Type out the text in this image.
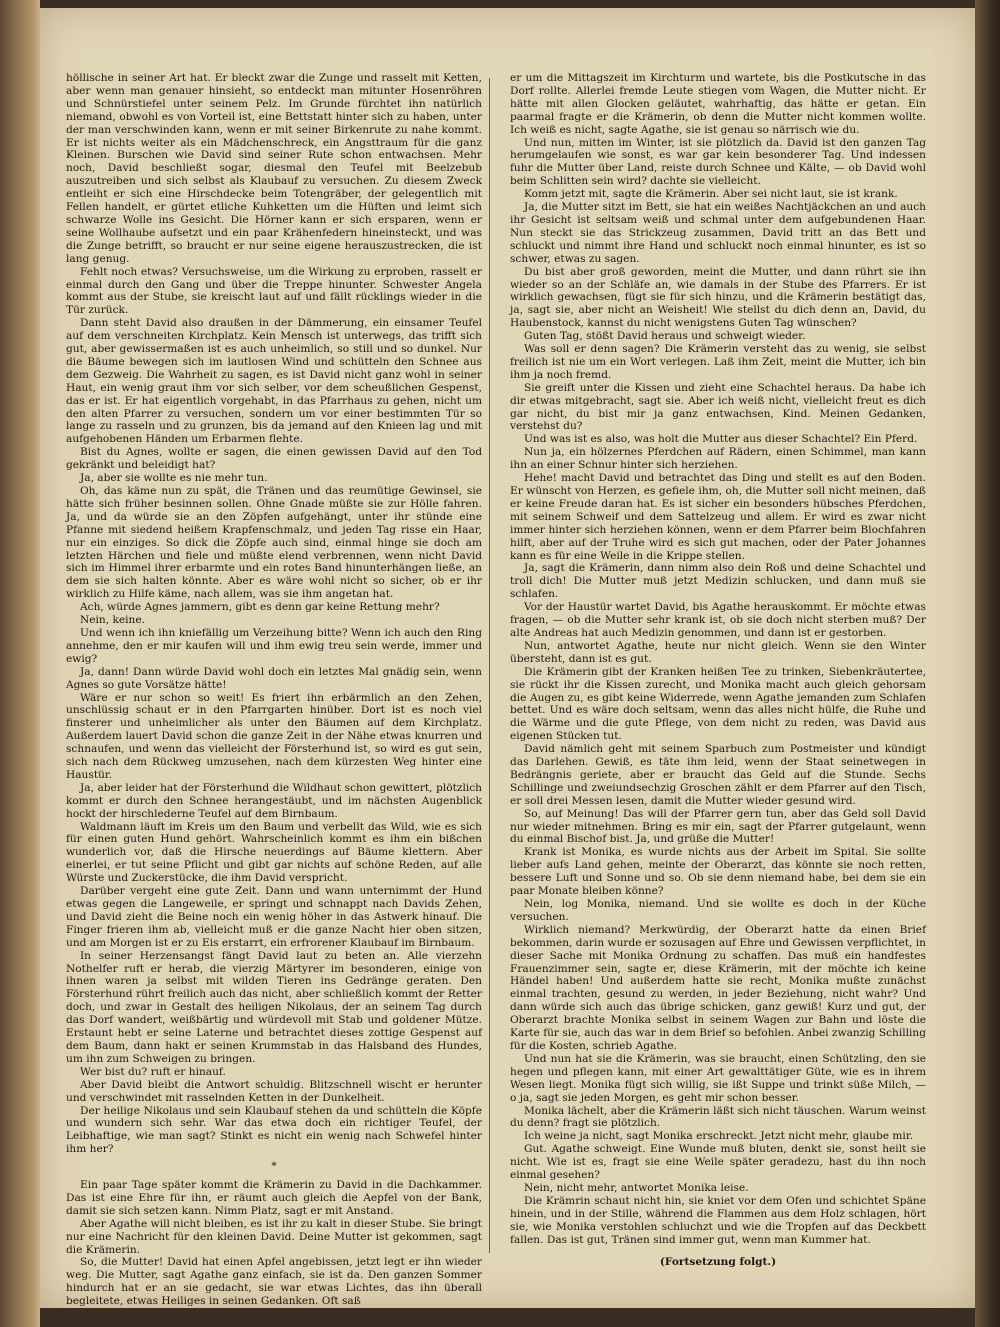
höllische in seiner Art hat. Er bleckt zwar die Zunge und rasselt mit Ketten, aber wenn man genauer hinsieht, so entdeckt man mitunter Hosenröhren und Schnürstiefel unter seinem Pelz. Im Grunde fürchtet ihn natürlich niemand, obwohl es von Vorteil ist, eine Bettstatt hinter sich zu haben, unter der man verschwinden kann, wenn er mit seiner Birkenrute zu nahe kommt. Er ist nichts weiter als ein Mädchenschreck, ein Angsttraum für die ganz Kleinen. Burschen wie David sind seiner Rute schon entwachsen. Mehr noch, David beschließt sogar, diesmal den Teufel mit Beelzebub auszutreiben und sich selbst als Klaubauf zu versuchen. Zu diesem Zweck entleiht er sich eine Hirschdecke beim Totengräber, der gelegentlich mit Fellen handelt, er gürtet etliche Kuhketten um die Hüften und leimt sich schwarze Wolle ins Gesicht. Die Hörner kann er sich ersparen, wenn er seine Wollhaube aufsetzt und ein paar Krähenfedern hineinsteckt, und was die Zunge betrifft, so braucht er nur seine eigene herauszustrecken, die ist lang genug.

Fehlt noch etwas? Versuchsweise, um die Wirkung zu erproben, rasselt er einmal durch den Gang und über die Treppe hinunter. Schwester Angela kommt aus der Stube, sie kreischt laut auf und fällt rücklings wieder in die Tür zurück.

Dann steht David also draußen in der Dämmerung, ein einsamer Teufel auf dem verschneiten Kirchplatz. Kein Mensch ist unterwegs, das trifft sich gut, aber gewissermaßen ist es auch unheimlich, so still und so dunkel. Nur die Bäume bewegen sich im lautlosen Wind und schütteln den Schnee aus dem Gezweig. Die Wahrheit zu sagen, es ist David nicht ganz wohl in seiner Haut, ein wenig graut ihm vor sich selber, vor dem scheußlichen Gespenst, das er ist. Er hat eigentlich vorgehabt, in das Pfarrhaus zu gehen, nicht um den alten Pfarrer zu versuchen, sondern um vor einer bestimmten Tür so lange zu rasseln und zu grunzen, bis da jemand auf den Knieen lag und mit aufgehobenen Händen um Erbarmen flehte.

Bist du Agnes, wollte er sagen, die einen gewissen David auf den Tod gekränkt und beleidigt hat?

Ja, aber sie wollte es nie mehr tun.

Oh, das käme nun zu spät, die Tränen und das reumütige Gewinsel, sie hätte sich früher besinnen sollen. Ohne Gnade müßte sie zur Hölle fahren. Ja, und da würde sie an den Zöpfen aufgehängt, unter ihr stünde eine Pfanne mit siedend heißem Krapfenschmalz, und jeden Tag risse ein Haar, nur ein einziges. So dick die Zöpfe auch sind, einmal hinge sie doch am letzten Härchen und fiele und müßte elend verbrennen, wenn nicht David sich im Himmel ihrer erbarmte und ein rotes Band hinunterhängen ließe, an dem sie sich halten könnte. Aber es wäre wohl nicht so sicher, ob er ihr wirklich zu Hilfe käme, nach allem, was sie ihm angetan hat.

Ach, würde Agnes jammern, gibt es denn gar keine Rettung mehr?

Nein, keine.

Und wenn ich ihn kniefällig um Verzeihung bitte? Wenn ich auch den Ring annehme, den er mir kaufen will und ihm ewig treu sein werde, immer und ewig?

Ja, dann! Dann würde David wohl doch ein letztes Mal gnädig sein, wenn Agnes so gute Vorsätze hätte!

Wäre er nur schon so weit! Es friert ihn erbärmlich an den Zehen, unschlüssig schaut er in den Pfarrgarten hinüber. Dort ist es noch viel finsterer und unheimlicher als unter den Bäumen auf dem Kirchplatz. Außerdem lauert David schon die ganze Zeit in der Nähe etwas knurren und schnaufen, und wenn das vielleicht der Försterhund ist, so wird es gut sein, sich nach dem Rückweg umzusehen, nach dem kürzesten Weg hinter eine Haustür.

Ja, aber leider hat der Försterhund die Wildhaut schon gewittert, plötzlich kommt er durch den Schnee herangestäubt, und im nächsten Augenblick hockt der hirschlederne Teufel auf dem Birnbaum.

Waldmann läuft im Kreis um den Baum und verbellt das Wild, wie es sich für einen guten Hund gehört. Wahrscheinlich kommt es ihm ein bißchen wunderlich vor, daß die Hirsche neuerdings auf Bäume klettern. Aber einerlei, er tut seine Pflicht und gibt gar nichts auf schöne Reden, auf alle Würste und Zuckerstücke, die ihm David verspricht.

Darüber vergeht eine gute Zeit. Dann und wann unternimmt der Hund etwas gegen die Langeweile, er springt und schnappt nach Davids Zehen, und David zieht die Beine noch ein wenig höher in das Astwerk hinauf. Die Finger frieren ihm ab, vielleicht muß er die ganze Nacht hier oben sitzen, und am Morgen ist er zu Eis erstarrt, ein erfrorener Klaubauf im Birnbaum.

In seiner Herzensangst fängt David laut zu beten an. Alle vierzehn Nothelfer ruft er herab, die vierzig Märtyrer im besonderen, einige von ihnen waren ja selbst mit wilden Tieren ins Gedränge geraten. Den Försterhund rührt freilich auch das nicht, aber schließlich kommt der Retter doch, und zwar in Gestalt des heiligen Nikolaus, der an seinem Tag durch das Dorf wandert, weißbärtig und würdevoll mit Stab und goldener Mütze. Erstaunt hebt er seine Laterne und betrachtet dieses zottige Gespenst auf dem Baum, dann hakt er seinen Krummstab in das Halsband des Hundes, um ihn zum Schweigen zu bringen.

Wer bist du? ruft er hinauf.

Aber David bleibt die Antwort schuldig. Blitzschnell wischt er herunter und verschwindet mit rasselnden Ketten in der Dunkelheit.

Der heilige Nikolaus und sein Klaubauf stehen da und schütteln die Köpfe und wundern sich sehr. War das etwa doch ein richtiger Teufel, der Leibhaftige, wie man sagt? Stinkt es nicht ein wenig nach Schwefel hinter ihm her?

*

Ein paar Tage später kommt die Krämerin zu David in die Dachkammer. Das ist eine Ehre für ihn, er räumt auch gleich die Aepfel von der Bank, damit sie sich setzen kann. Nimm Platz, sagt er mit Anstand.

Aber Agathe will nicht bleiben, es ist ihr zu kalt in dieser Stube. Sie bringt nur eine Nachricht für den kleinen David. Deine Mutter ist gekommen, sagt die Krämerin.

So, die Mutter! David hat einen Apfel angebissen, jetzt legt er ihn wieder weg. Die Mutter, sagt Agathe ganz einfach, sie ist da. Den ganzen Sommer hindurch hat er an sie gedacht, sie war etwas Lichtes, das ihn überall begleitete, etwas Heiliges in seinen Gedanken. Oft saß

er um die Mittagszeit im Kirchturm und wartete, bis die Postkutsche in das Dorf rollte. Allerlei fremde Leute stiegen vom Wagen, die Mutter nicht. Er hätte mit allen Glocken geläutet, wahrhaftig, das hätte er getan. Ein paarmal fragte er die Krämerin, ob denn die Mutter nicht kommen wollte. Ich weiß es nicht, sagte Agathe, sie ist genau so närrisch wie du.

Und nun, mitten im Winter, ist sie plötzlich da. David ist den ganzen Tag herumgelaufen wie sonst, es war gar kein besonderer Tag. Und indessen fuhr die Mutter über Land, reiste durch Schnee und Kälte, — ob David wohl beim Schlitten sein wird? dachte sie vielleicht.

Komm jetzt mit, sagte die Krämerin. Aber sei nicht laut, sie ist krank.

Ja, die Mutter sitzt im Bett, sie hat ein weißes Nachtjäckchen an und auch ihr Gesicht ist seltsam weiß und schmal unter dem aufgebundenen Haar. Nun steckt sie das Strickzeug zusammen, David tritt an das Bett und schluckt und nimmt ihre Hand und schluckt noch einmal hinunter, es ist so schwer, etwas zu sagen.

Du bist aber groß geworden, meint die Mutter, und dann rührt sie ihn wieder so an der Schläfe an, wie damals in der Stube des Pfarrers. Er ist wirklich gewachsen, fügt sie für sich hinzu, und die Krämerin bestätigt das, ja, sagt sie, aber nicht an Weisheit! Wie stellst du dich denn an, David, du Haubenstock, kannst du nicht wenigstens Guten Tag wünschen?

Guten Tag, stößt David heraus und schweigt wieder.

Was soll er denn sagen? Die Krämerin versteht das zu wenig, sie selbst freilich ist nie um ein Wort verlegen. Laß ihm Zeit, meint die Mutter, ich bin ihm ja noch fremd.

Sie greift unter die Kissen und zieht eine Schachtel heraus. Da habe ich dir etwas mitgebracht, sagt sie. Aber ich weiß nicht, vielleicht freut es dich gar nicht, du bist mir ja ganz entwachsen, Kind. Meinen Gedanken, verstehst du?

Und was ist es also, was holt die Mutter aus dieser Schachtel? Ein Pferd.

Nun ja, ein hölzernes Pferdchen auf Rädern, einen Schimmel, man kann ihn an einer Schnur hinter sich herziehen.

Hehe! macht David und betrachtet das Ding und stellt es auf den Boden. Er wünscht von Herzen, es gefiele ihm, oh, die Mutter soll nicht meinen, daß er keine Freude daran hat. Es ist sicher ein besonders hübsches Pferdchen, mit seinem Schweif und dem Sattelzeug und allem. Er wird es zwar nicht immer hinter sich herziehen können, wenn er dem Pfarrer beim Blochfahren hilft, aber auf der Truhe wird es sich gut machen, oder der Pater Johannes kann es für eine Weile in die Krippe stellen.

Ja, sagt die Krämerin, dann nimm also dein Roß und deine Schachtel und troll dich! Die Mutter muß jetzt Medizin schlucken, und dann muß sie schlafen.

Vor der Haustür wartet David, bis Agathe herauskommt. Er möchte etwas fragen, — ob die Mutter sehr krank ist, ob sie doch nicht sterben muß? Der alte Andreas hat auch Medizin genommen, und dann ist er gestorben.

Nun, antwortet Agathe, heute nur nicht gleich. Wenn sie den Winter übersteht, dann ist es gut.

Die Krämerin gibt der Kranken heißen Tee zu trinken, Siebenkräutertee, sie rückt ihr die Kissen zurecht, und Monika macht auch gleich gehorsam die Augen zu, es gibt keine Widerrede, wenn Agathe jemanden zum Schlafen bettet. Und es wäre doch seltsam, wenn das alles nicht hülfe, die Ruhe und die Wärme und die gute Pflege, von dem nicht zu reden, was David aus eigenen Stücken tut.

David nämlich geht mit seinem Sparbuch zum Postmeister und kündigt das Darlehen. Gewiß, es täte ihm leid, wenn der Staat seinetwegen in Bedrängnis geriete, aber er braucht das Geld auf die Stunde. Sechs Schillinge und zweiundsechzig Groschen zählt er dem Pfarrer auf den Tisch, er soll drei Messen lesen, damit die Mutter wieder gesund wird.

So, auf Meinung! Das will der Pfarrer gern tun, aber das Geld soll David nur wieder mitnehmen. Bring es mir ein, sagt der Pfarrer gutgelaunt, wenn du einmal Bischof bist. Ja, und grüße die Mutter!

Krank ist Monika, es wurde nichts aus der Arbeit im Spital. Sie sollte lieber aufs Land gehen, meinte der Oberarzt, das könnte sie noch retten, bessere Luft und Sonne und so. Ob sie denn niemand habe, bei dem sie ein paar Monate bleiben könne?

Nein, log Monika, niemand. Und sie wollte es doch in der Küche versuchen.

Wirklich niemand? Merkwürdig, der Oberarzt hatte da einen Brief bekommen, darin wurde er sozusagen auf Ehre und Gewissen verpflichtet, in dieser Sache mit Monika Ordnung zu schaffen. Das muß ein handfestes Frauenzimmer sein, sagte er, diese Krämerin, mit der möchte ich keine Händel haben! Und außerdem hatte sie recht, Monika mußte zunächst einmal trachten, gesund zu werden, in jeder Beziehung, nicht wahr? Und dann würde sich auch das übrige schicken, ganz gewiß! Kurz und gut, der Oberarzt brachte Monika selbst in seinem Wagen zur Bahn und löste die Karte für sie, auch das war in dem Brief so befohlen. Anbei zwanzig Schilling für die Kosten, schrieb Agathe.

Und nun hat sie die Krämerin, was sie braucht, einen Schützling, den sie hegen und pflegen kann, mit einer Art gewalttätiger Güte, wie es in ihrem Wesen liegt. Monika fügt sich willig, sie ißt Suppe und trinkt süße Milch, — o ja, sagt sie jeden Morgen, es geht mir schon besser.

Monika lächelt, aber die Krämerin läßt sich nicht täuschen. Warum weinst du denn? fragt sie plötzlich.

Ich weine ja nicht, sagt Monika erschreckt. Jetzt nicht mehr, glaube mir.

Gut. Agathe schweigt. Eine Wunde muß bluten, denkt sie, sonst heilt sie nicht. Wie ist es, fragt sie eine Weile später geradezu, hast du ihn noch einmal gesehen?

Nein, nicht mehr, antwortet Monika leise.

Die Krämrin schaut nicht hin, sie kniet vor dem Ofen und schichtet Späne hinein, und in der Stille, während die Flammen aus dem Holz schlagen, hört sie, wie Monika verstohlen schluchzt und wie die Tropfen auf das Deckbett fallen. Das ist gut, Tränen sind immer gut, wenn man Kummer hat.

(Fortsetzung folgt.)
